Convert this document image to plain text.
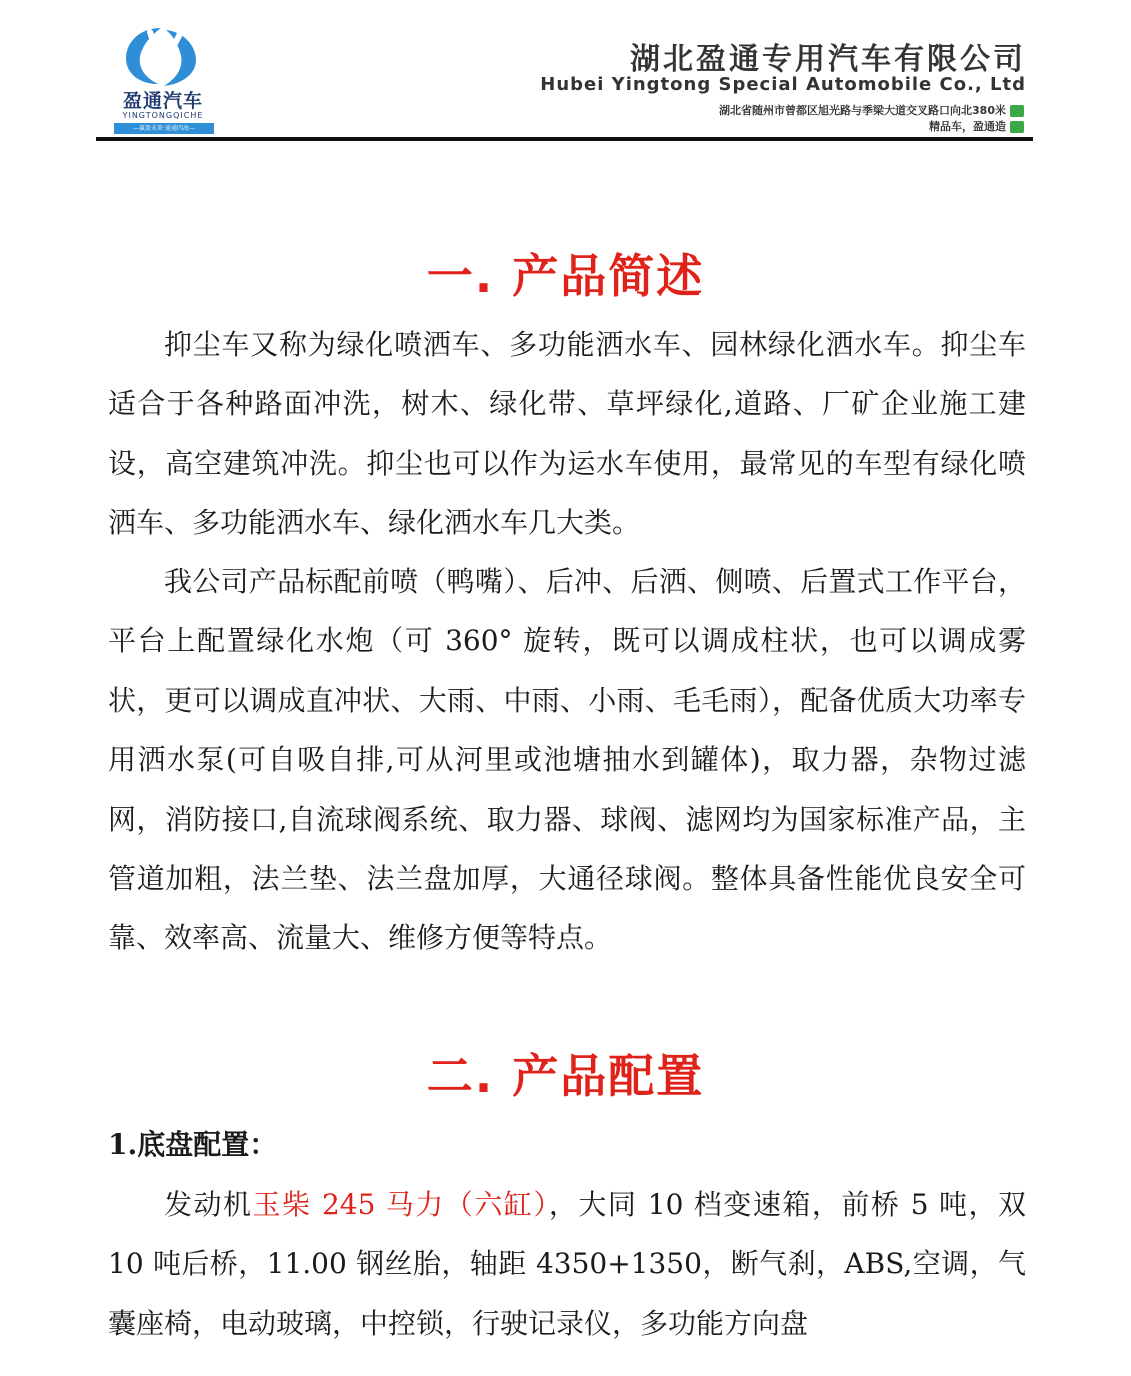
盈通汽车
YINGTONGQICHE
—赢盈未来·通通四海—
湖北盈通专用汽车有限公司
Hubei Yingtong Special Automobile Co., Ltd
湖北省随州市曾都区旭光路与季梁大道交叉路口向北380米
精品车，盈通造
一. 产品简述

抑尘车又称为绿化喷洒车、多功能洒水车、园林绿化洒水车。抑尘车适合于各种路面冲洗，树木、绿化带、草坪绿化,道路、厂矿企业施工建设，高空建筑冲洗。抑尘也可以作为运水车使用，最常见的车型有绿化喷洒车、多功能洒水车、绿化洒水车几大类。

我公司产品标配前喷（鸭嘴）、后冲、后洒、侧喷、后置式工作平台，平台上配置绿化水炮（可 360° 旋转，既可以调成柱状，也可以调成雾状，更可以调成直冲状、大雨、中雨、小雨、毛毛雨），配备优质大功率专用洒水泵(可自吸自排,可从河里或池塘抽水到罐体)，取力器，杂物过滤网，消防接口,自流球阀系统、取力器、球阀、滤网均为国家标准产品，主管道加粗，法兰垫、法兰盘加厚，大通径球阀。整体具备性能优良安全可靠、效率高、流量大、维修方便等特点。

二. 产品配置
1.底盘配置：

发动机玉柴 245 马力（六缸），大同 10 档变速箱，前桥 5 吨，双 10 吨后桥，11.00 钢丝胎，轴距 4350+1350，断气刹，ABS,空调，气囊座椅，电动玻璃，中控锁，行驶记录仪，多功能方向盘
